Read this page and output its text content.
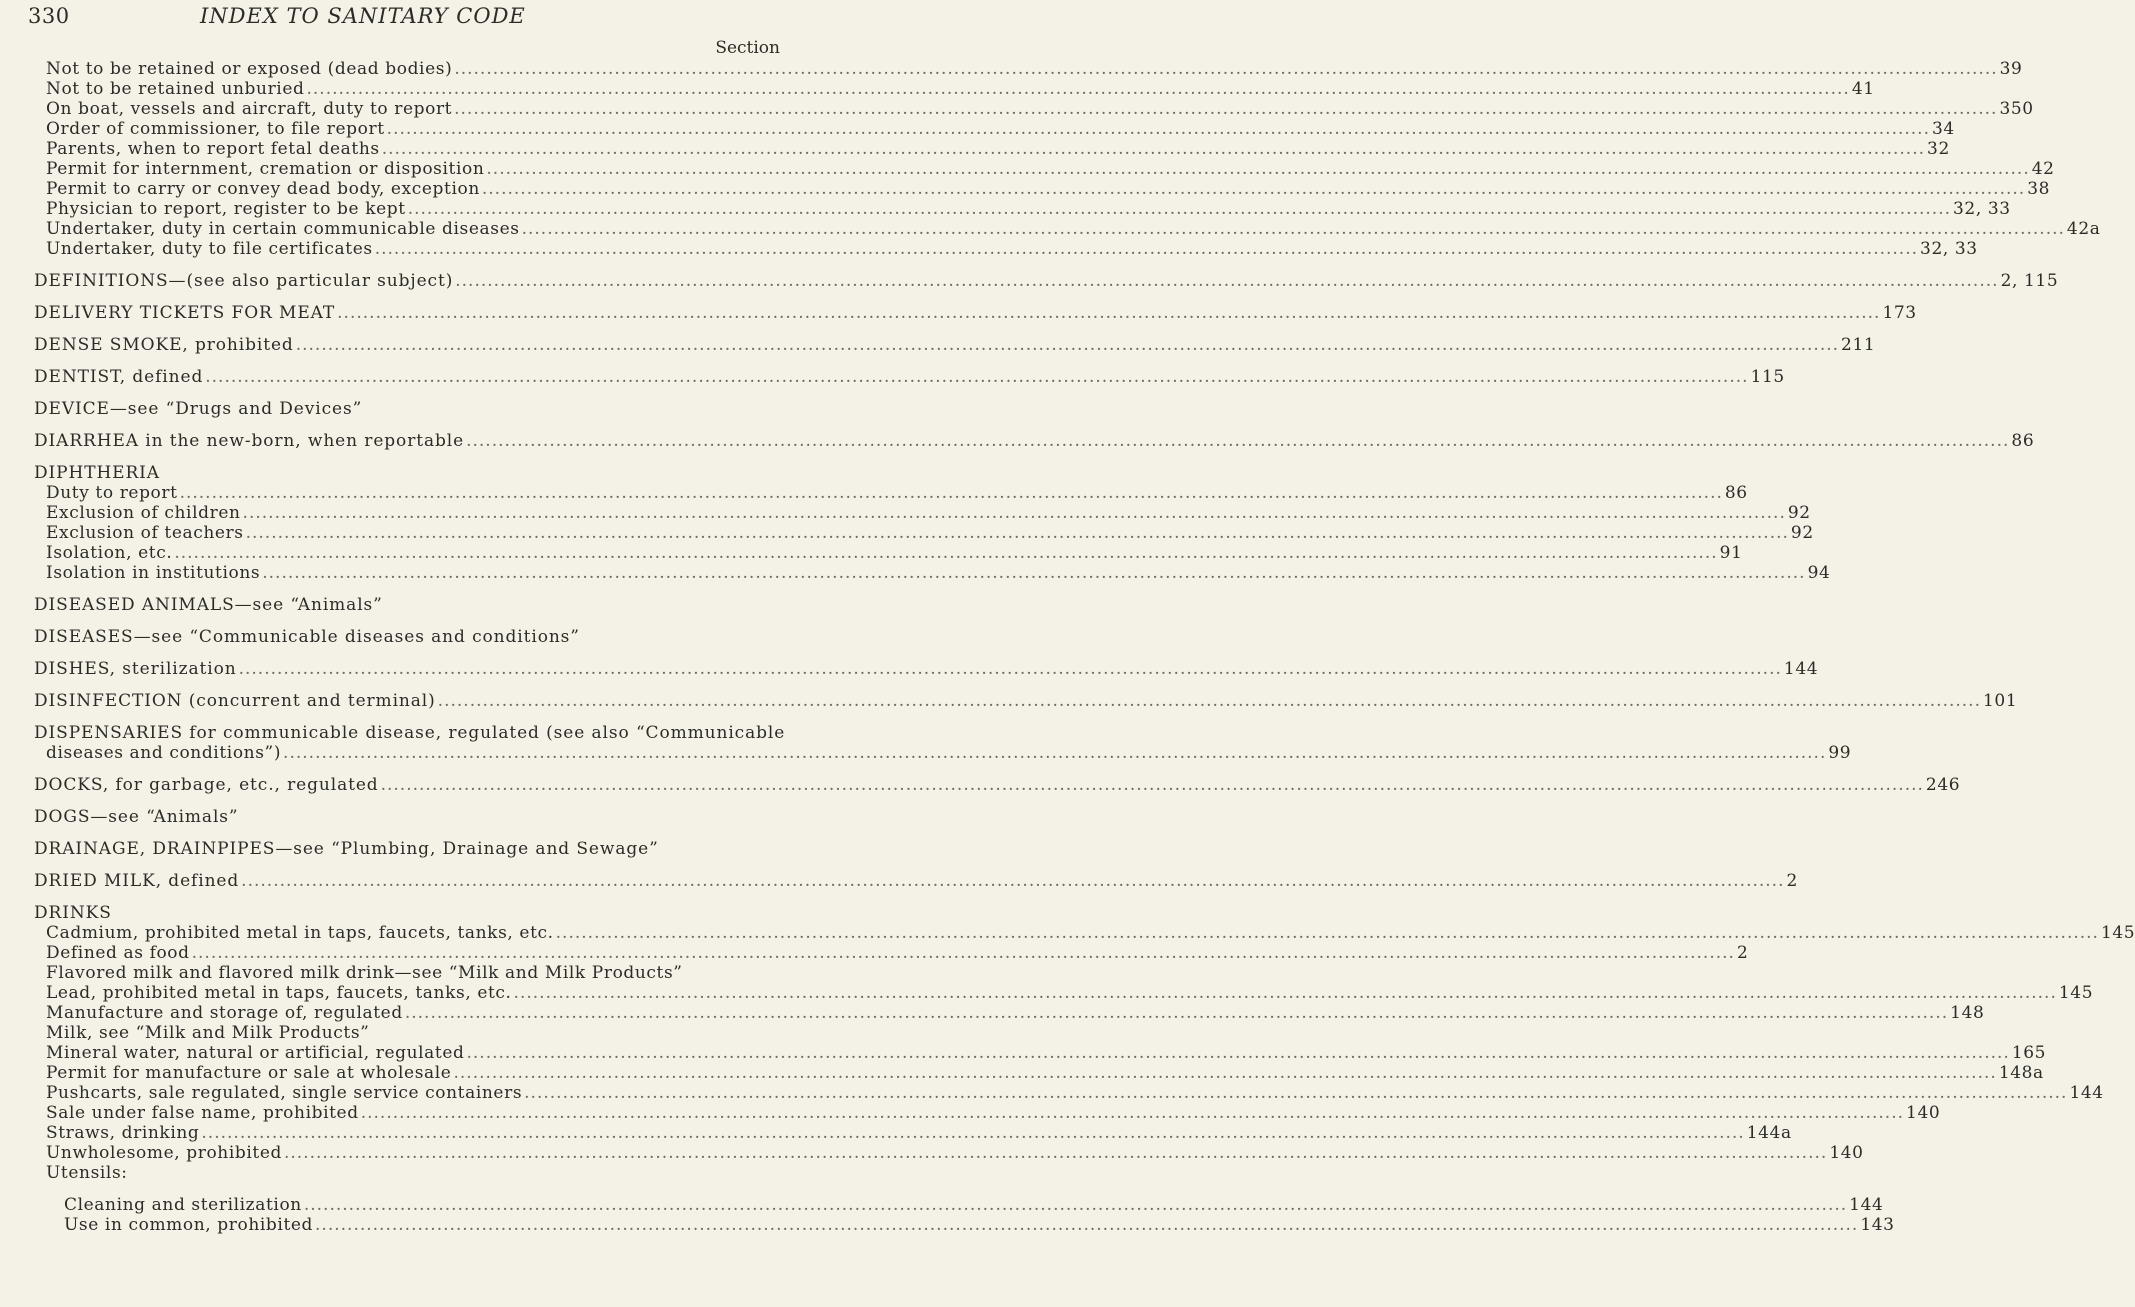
330	INDEX TO SANITARY CODE
Section
Not to be retained or exposed (dead bodies) .....	39
Not to be retained unburied .....	41
On boat, vessels and aircraft, duty to report .....	350
Order of commissioner, to file report .....	34
Parents, when to report fetal deaths .....	32
Permit for internment, cremation or disposition .....	42
Permit to carry or convey dead body, exception .....	38
Physician to report, register to be kept .....	32, 33
Undertaker, duty in certain communicable diseases .....	42a
Undertaker, duty to file certificates .....	32, 33
DEFINITIONS—(see also particular subject) .....	2, 115
DELIVERY TICKETS FOR MEAT .....	173
DENSE SMOKE, prohibited .....	211
DENTIST, defined .....	115
DEVICE—see “Drugs and Devices”
DIARRHEA in the new-born, when reportable .....	86
DIPHTHERIA
Duty to report .....	86
Exclusion of children .....	92
Exclusion of teachers .....	92
Isolation, etc. .....	91
Isolation in institutions .....	94
DISEASED ANIMALS—see “Animals”
DISEASES—see “Communicable diseases and conditions”
DISHES, sterilization .....	144
DISINFECTION (concurrent and terminal) .....	101
DISPENSARIES for communicable disease, regulated (see also “Communicable
diseases and conditions”) .....	99
DOCKS, for garbage, etc., regulated .....	246
DOGS—see “Animals”
DRAINAGE, DRAINPIPES—see “Plumbing, Drainage and Sewage”
DRIED MILK, defined .....	2
DRINKS
Cadmium, prohibited metal in taps, faucets, tanks, etc. .....	145
Defined as food .....	2
Flavored milk and flavored milk drink—see “Milk and Milk Products”
Lead, prohibited metal in taps, faucets, tanks, etc. .....	145
Manufacture and storage of, regulated .....	148
Milk, see “Milk and Milk Products”
Mineral water, natural or artificial, regulated .....	165
Permit for manufacture or sale at wholesale .....	148a
Pushcarts, sale regulated, single service containers .....	144
Sale under false name, prohibited .....	140
Straws, drinking .....	144a
Unwholesome, prohibited .....	140
Utensils:
Cleaning and sterilization .....	144
Use in common, prohibited .....	143
